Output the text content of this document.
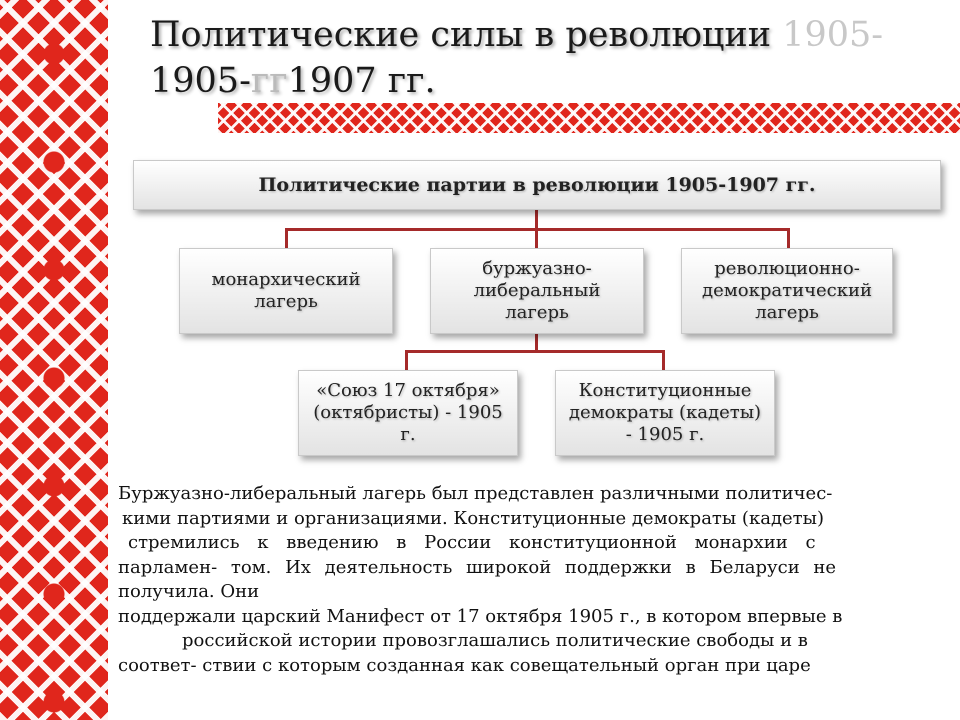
Политические силы в революции 1905-
1905-гг1907 гг.
Политические партии в революции 1905-1907 гг.
монархический лагерь
буржуазно-либеральный лагерь
революционно-демократический лагерь
«Союз 17 октября» (октябристы) - 1905 г.
Конституционные демократы (кадеты) - 1905 г.
Буржуазно-либеральный лагерь был представлен различными политичес-
кими партиями и организациями. Конституционные демократы (кадеты)
стремились к введению в России конституционной монархии с
парламен- том. Их деятельность широкой поддержки в Беларуси не
получила. Они
поддержали царский Манифест от 17 октября 1905 г., в котором впервые в
российской истории провозглашались политические свободы и в
соответ- ствии с которым созданная как совещательный орган при царе
